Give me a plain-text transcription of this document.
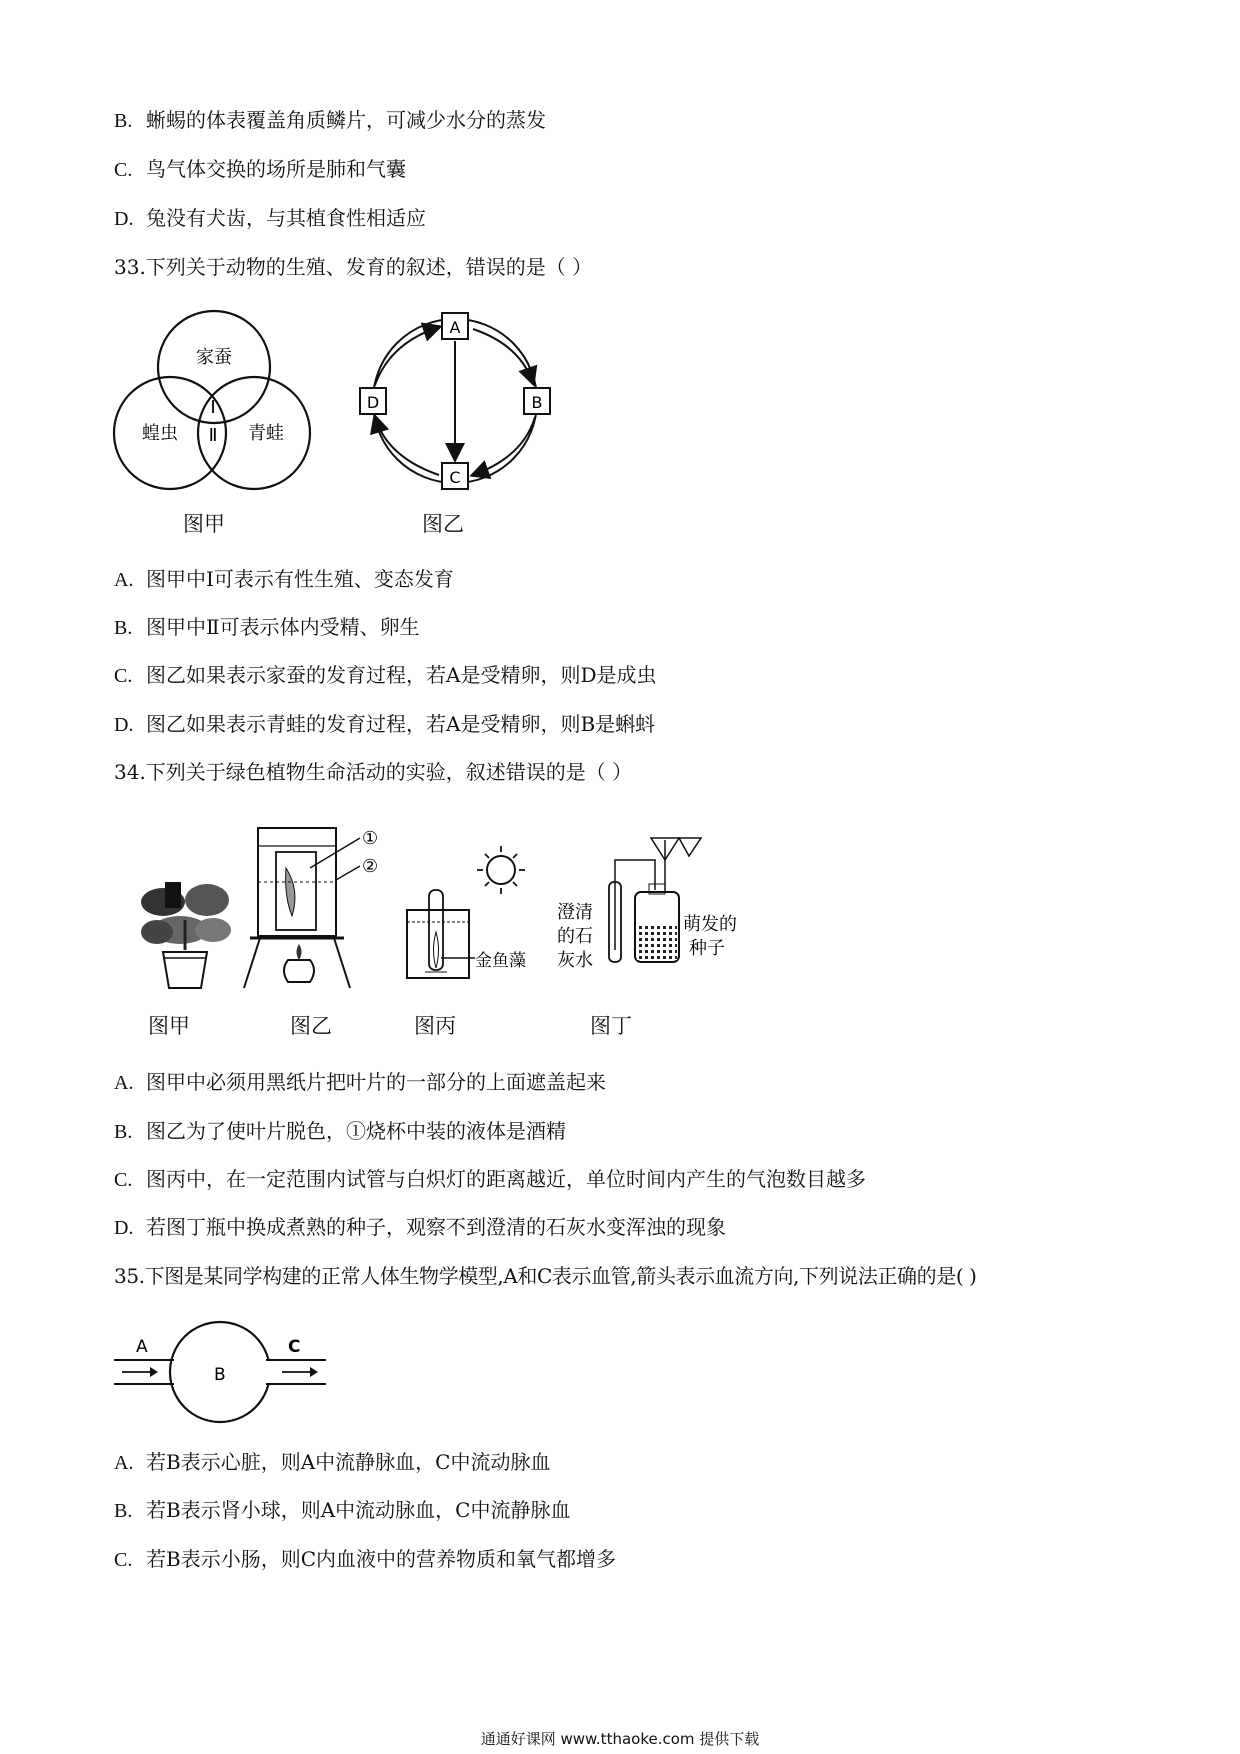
B. 蜥蜴的体表覆盖角质鳞片，可减少水分的蒸发
C. 鸟气体交换的场所是肺和气囊
D. 兔没有犬齿，与其植食性相适应
33.下列关于动物的生殖、发育的叙述，错误的是（ ）
家蚕
蝗虫	青蛙
Ⅰ
Ⅱ
A
B
C
D
图甲	图乙
A. 图甲中Ⅰ可表示有性生殖、变态发育
B. 图甲中Ⅱ可表示体内受精、卵生
C. 图乙如果表示家蚕的发育过程，若A是受精卵，则D是成虫
D. 图乙如果表示青蛙的发育过程，若A是受精卵，则B是蝌蚪
34.下列关于绿色植物生命活动的实验，叙述错误的是（ ）
①
②
金鱼藻
澄清
的石
灰水
萌发的
种子
图甲	图乙	图丙	图丁
A. 图甲中必须用黑纸片把叶片的一部分的上面遮盖起来
B. 图乙为了使叶片脱色，①烧杯中装的液体是酒精
C. 图丙中，在一定范围内试管与白炽灯的距离越近，单位时间内产生的气泡数目越多
D. 若图丁瓶中换成煮熟的种子，观察不到澄清的石灰水变浑浊的现象
35.下图是某同学构建的正常人体生物学模型,A和C表示血管,箭头表示血流方向,下列说法正确的是( )
A
B
C
A. 若B表示心脏，则A中流静脉血，C中流动脉血
B. 若B表示肾小球，则A中流动脉血，C中流静脉血
C. 若B表示小肠，则C内血液中的营养物质和氧气都增多
通通好课网 www.tthaoke.com 提供下载
